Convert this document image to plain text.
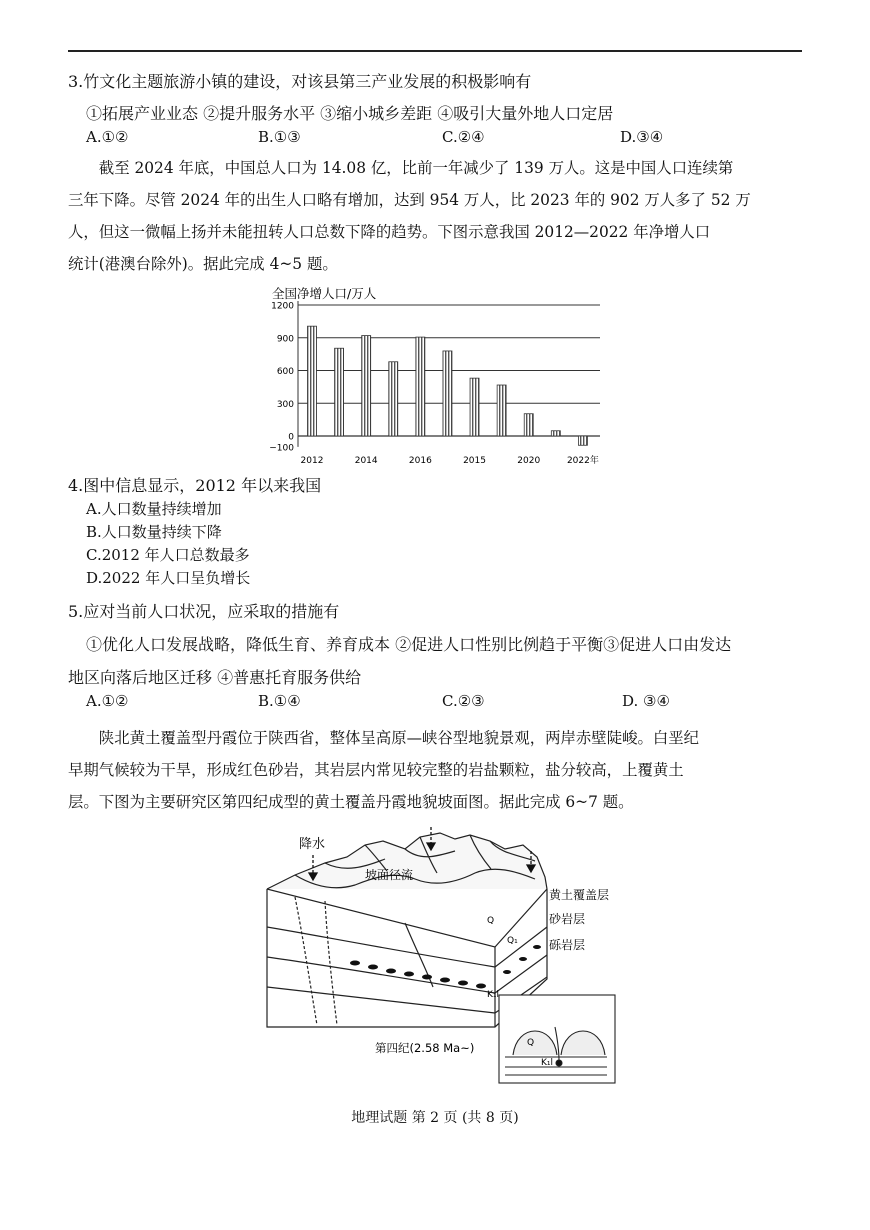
3.竹文化主题旅游小镇的建设，对该县第三产业发展的积极影响有
①拓展产业业态 ②提升服务水平 ③缩小城乡差距 ④吸引大量外地人口定居
A.①②	B.①③	C.②④	D.③④
截至 2024 年底，中国总人口为 14.08 亿，比前一年减少了 139 万人。这是中国人口连续第
三年下降。尽管 2024 年的出生人口略有增加，达到 954 万人，比 2023 年的 902 万人多了 52 万
人，但这一微幅上扬并未能扭转人口总数下降的趋势。下图示意我国 2012—2022 年净增人口
统计(港澳台除外)。据此完成 4~5 题。
全国净增人口/万人
1200
900
600
300
0
−100
2012	2014	2016	2015	2020	2022年
4.图中信息显示，2012 年以来我国
A.人口数量持续增加
B.人口数量持续下降
C.2012 年人口总数最多
D.2022 年人口呈负增长
5.应对当前人口状况，应采取的措施有
①优化人口发展战略，降低生育、养育成本 ②促进人口性别比例趋于平衡③促进人口由发达
地区向落后地区迁移 ④普惠托育服务供给
A.①②	B.①④	C.②③	D. ③④
陕北黄土覆盖型丹霞位于陕西省，整体呈高原—峡谷型地貌景观，两岸赤壁陡峻。白垩纪
早期气候较为干旱，形成红色砂岩，其岩层内常见较完整的岩盐颗粒，盐分较高，上覆黄土
层。下图为主要研究区第四纪成型的黄土覆盖丹霞地貌坡面图。据此完成 6~7 题。
降水
坡面径流
黄土覆盖层
砂岩层
砾岩层
Q
Q₁
K₁l
第四纪(2.58 Ma~)	Q
K₁l
地理试题 第 2 页 (共 8 页)
